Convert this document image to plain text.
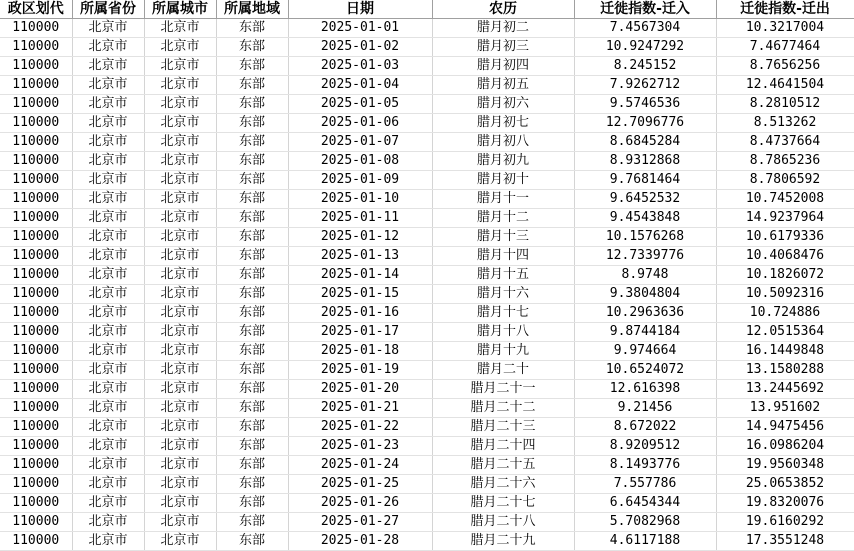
政区划代	所属省份	所属城市	所属地域	日期	农历	迁徙指数-迁入	迁徙指数-迁出
110000	北京市	北京市	东部	2025-01-01	腊月初二	7.4567304	10.3217004
110000	北京市	北京市	东部	2025-01-02	腊月初三	10.9247292	7.4677464
110000	北京市	北京市	东部	2025-01-03	腊月初四	8.245152	8.7656256
110000	北京市	北京市	东部	2025-01-04	腊月初五	7.9262712	12.4641504
110000	北京市	北京市	东部	2025-01-05	腊月初六	9.5746536	8.2810512
110000	北京市	北京市	东部	2025-01-06	腊月初七	12.7096776	8.513262
110000	北京市	北京市	东部	2025-01-07	腊月初八	8.6845284	8.4737664
110000	北京市	北京市	东部	2025-01-08	腊月初九	8.9312868	8.7865236
110000	北京市	北京市	东部	2025-01-09	腊月初十	9.7681464	8.7806592
110000	北京市	北京市	东部	2025-01-10	腊月十一	9.6452532	10.7452008
110000	北京市	北京市	东部	2025-01-11	腊月十二	9.4543848	14.9237964
110000	北京市	北京市	东部	2025-01-12	腊月十三	10.1576268	10.6179336
110000	北京市	北京市	东部	2025-01-13	腊月十四	12.7339776	10.4068476
110000	北京市	北京市	东部	2025-01-14	腊月十五	8.9748	10.1826072
110000	北京市	北京市	东部	2025-01-15	腊月十六	9.3804804	10.5092316
110000	北京市	北京市	东部	2025-01-16	腊月十七	10.2963636	10.724886
110000	北京市	北京市	东部	2025-01-17	腊月十八	9.8744184	12.0515364
110000	北京市	北京市	东部	2025-01-18	腊月十九	9.974664	16.1449848
110000	北京市	北京市	东部	2025-01-19	腊月二十	10.6524072	13.1580288
110000	北京市	北京市	东部	2025-01-20	腊月二十一	12.616398	13.2445692
110000	北京市	北京市	东部	2025-01-21	腊月二十二	9.21456	13.951602
110000	北京市	北京市	东部	2025-01-22	腊月二十三	8.672022	14.9475456
110000	北京市	北京市	东部	2025-01-23	腊月二十四	8.9209512	16.0986204
110000	北京市	北京市	东部	2025-01-24	腊月二十五	8.1493776	19.9560348
110000	北京市	北京市	东部	2025-01-25	腊月二十六	7.557786	25.0653852
110000	北京市	北京市	东部	2025-01-26	腊月二十七	6.6454344	19.8320076
110000	北京市	北京市	东部	2025-01-27	腊月二十八	5.7082968	19.6160292
110000	北京市	北京市	东部	2025-01-28	腊月二十九	4.6117188	17.3551248
